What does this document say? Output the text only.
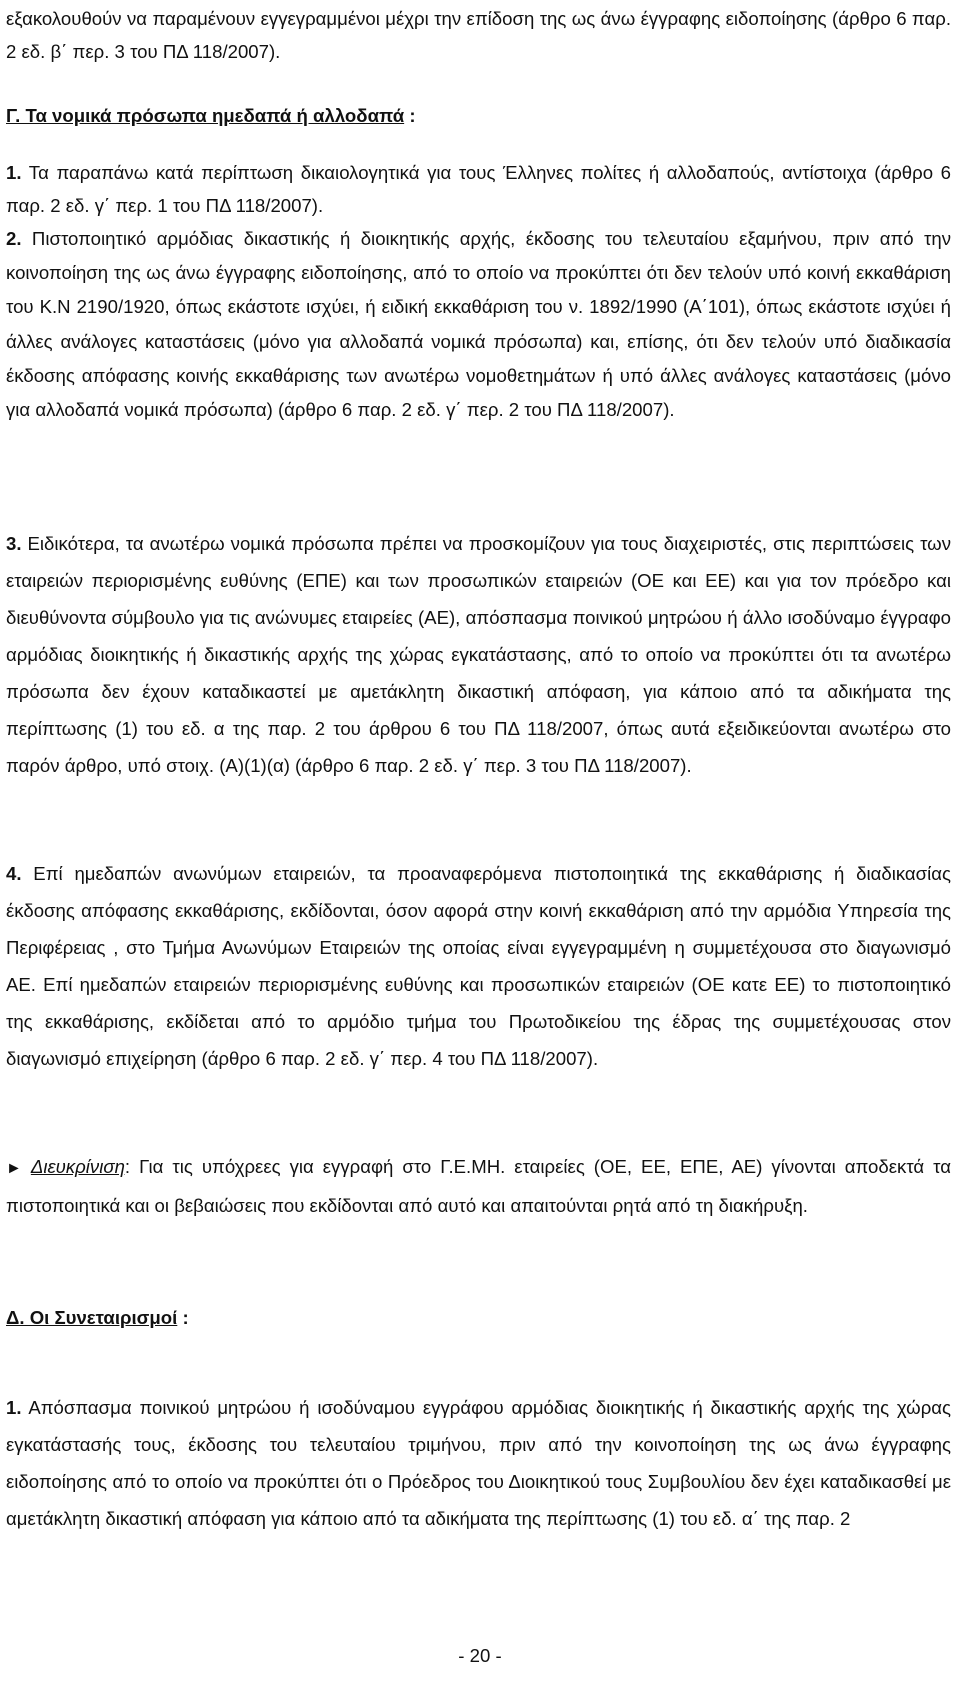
εξακολουθούν να παραμένουν εγγεγραμμένοι μέχρι την επίδοση της ως άνω έγγραφης ειδοποίησης (άρθρο 6 παρ. 2 εδ. β΄ περ. 3 του ΠΔ 118/2007).

Γ. Τα νομικά πρόσωπα ημεδαπά ή αλλοδαπά :

1. Τα παραπάνω κατά περίπτωση δικαιολογητικά για τους Έλληνες πολίτες ή αλλοδαπούς, αντίστοιχα (άρθρο 6 παρ. 2 εδ. γ΄ περ. 1 του ΠΔ 118/2007).

2. Πιστοποιητικό αρμόδιας δικαστικής ή διοικητικής αρχής, έκδοσης του τελευταίου εξαμήνου, πριν από την κοινοποίηση της ως άνω έγγραφης ειδοποίησης, από το οποίο να προκύπτει ότι δεν τελούν υπό κοινή εκκαθάριση του Κ.Ν 2190/1920, όπως εκάστοτε ισχύει, ή ειδική εκκαθάριση του ν. 1892/1990 (Α΄101), όπως εκάστοτε ισχύει ή άλλες ανάλογες καταστάσεις (μόνο για αλλοδαπά νομικά πρόσωπα) και, επίσης, ότι δεν τελούν υπό διαδικασία έκδοσης απόφασης κοινής εκκαθάρισης των ανωτέρω νομοθετημάτων ή υπό άλλες ανάλογες καταστάσεις (μόνο για αλλοδαπά νομικά πρόσωπα) (άρθρο 6 παρ. 2 εδ. γ΄ περ. 2 του ΠΔ 118/2007).

3. Ειδικότερα, τα ανωτέρω νομικά πρόσωπα πρέπει να προσκομίζουν για τους διαχειριστές, στις περιπτώσεις των εταιρειών περιορισμένης ευθύνης (ΕΠΕ) και των προσωπικών εταιρειών (ΟΕ και ΕΕ) και για τον πρόεδρο και διευθύνοντα σύμβουλο για τις ανώνυμες εταιρείες (ΑΕ), απόσπασμα ποινικού μητρώου ή άλλο ισοδύναμο έγγραφο αρμόδιας διοικητικής ή δικαστικής αρχής της χώρας εγκατάστασης, από το οποίο να προκύπτει ότι τα ανωτέρω πρόσωπα δεν έχουν καταδικαστεί με αμετάκλητη δικαστική απόφαση, για κάποιο από τα αδικήματα της περίπτωσης (1) του εδ. α της παρ. 2 του άρθρου 6 του ΠΔ 118/2007, όπως αυτά εξειδικεύονται ανωτέρω στο παρόν άρθρο, υπό στοιχ. (Α)(1)(α) (άρθρο 6 παρ. 2 εδ. γ΄ περ. 3 του ΠΔ 118/2007).

4. Επί ημεδαπών ανωνύμων εταιρειών, τα προαναφερόμενα πιστοποιητικά της εκκαθάρισης ή διαδικασίας έκδοσης απόφασης εκκαθάρισης, εκδίδονται, όσον αφορά στην κοινή εκκαθάριση από την αρμόδια Υπηρεσία της Περιφέρειας , στο Τμήμα Ανωνύμων Εταιρειών της οποίας είναι εγγεγραμμένη η συμμετέχουσα στο διαγωνισμό ΑΕ. Επί ημεδαπών εταιρειών περιορισμένης ευθύνης και προσωπικών εταιρειών (ΟΕ κατε ΕΕ) το πιστοποιητικό της εκκαθάρισης, εκδίδεται από το αρμόδιο τμήμα του Πρωτοδικείου της έδρας της συμμετέχουσας στον διαγωνισμό επιχείρηση (άρθρο 6 παρ. 2 εδ. γ΄ περ. 4 του ΠΔ 118/2007).

► Διευκρίνιση: Για τις υπόχρεες για εγγραφή στο Γ.Ε.ΜΗ. εταιρείες (ΟΕ, ΕΕ, ΕΠΕ, ΑΕ) γίνονται αποδεκτά τα πιστοποιητικά και οι βεβαιώσεις που εκδίδονται από αυτό και απαιτούνται ρητά από τη διακήρυξη.

Δ. Οι Συνεταιρισμοί :

1. Απόσπασμα ποινικού μητρώου ή ισοδύναμου εγγράφου αρμόδιας διοικητικής ή δικαστικής αρχής της χώρας εγκατάστασής τους, έκδοσης του τελευταίου τριμήνου, πριν από την κοινοποίηση της ως άνω έγγραφης ειδοποίησης από το οποίο να προκύπτει ότι ο Πρόεδρος του Διοικητικού τους Συμβουλίου δεν έχει καταδικασθεί με αμετάκλητη δικαστική απόφαση για κάποιο από τα αδικήματα της περίπτωσης (1) του εδ. α΄ της παρ. 2

- 20 -
